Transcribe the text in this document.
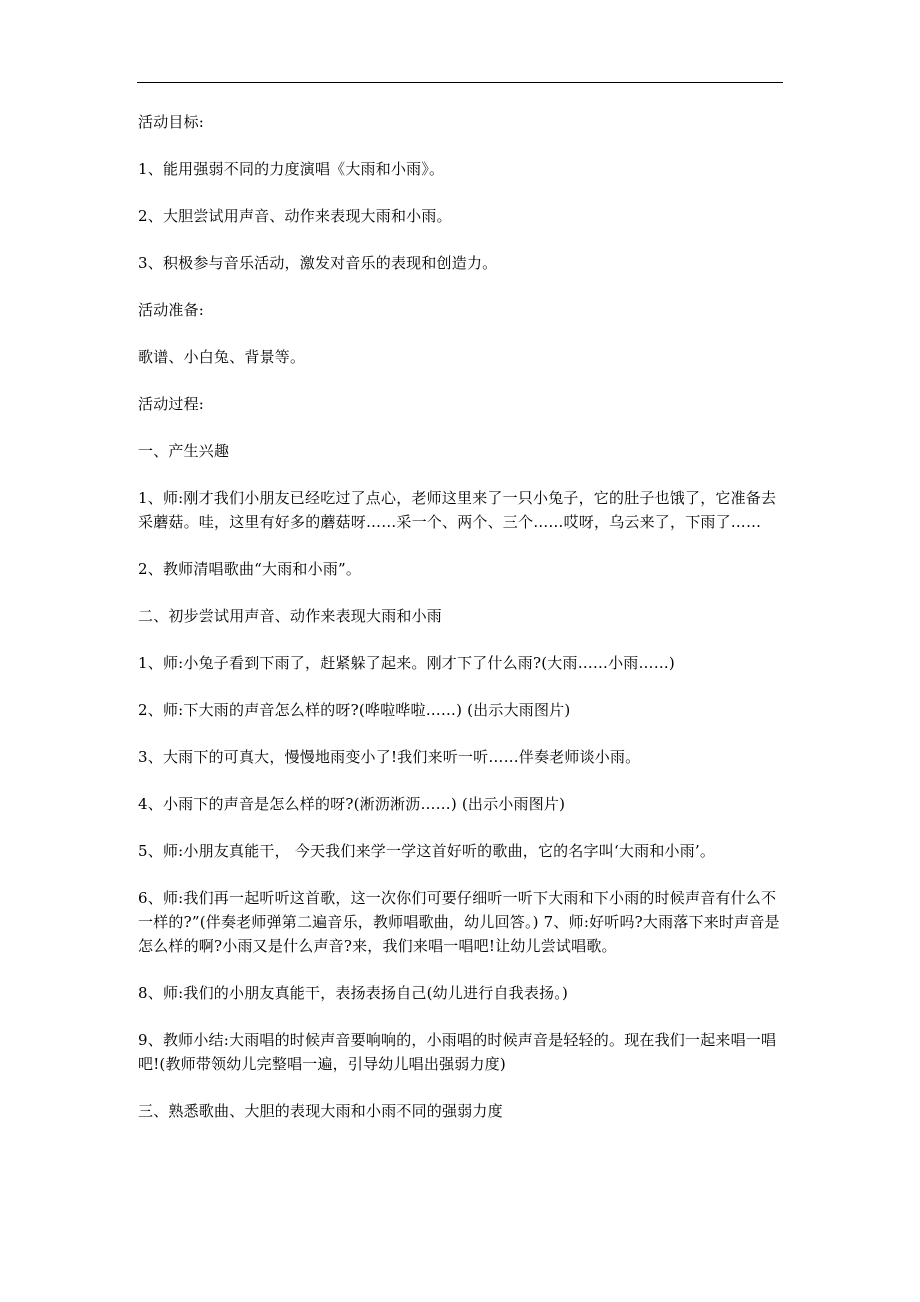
活动目标:

1、能用强弱不同的力度演唱《大雨和小雨》。

2、大胆尝试用声音、动作来表现大雨和小雨。

3、积极参与音乐活动，激发对音乐的表现和创造力。

活动准备:

歌谱、小白兔、背景等。

活动过程:

一、产生兴趣

1、师:刚才我们小朋友已经吃过了点心，老师这里来了一只小兔子，它的肚子也饿了，它准备去采蘑菇。哇，这里有好多的蘑菇呀……采一个、两个、三个……哎呀，乌云来了，下雨了……

2、教师清唱歌曲“大雨和小雨”。

二、初步尝试用声音、动作来表现大雨和小雨

1、师:小兔子看到下雨了，赶紧躲了起来。刚才下了什么雨?(大雨……小雨……)

2、师:下大雨的声音怎么样的呀?(哗啦哗啦……) (出示大雨图片)

3、大雨下的可真大，慢慢地雨变小了!我们来听一听……伴奏老师谈小雨。

4、小雨下的声音是怎么样的呀?(淅沥淅沥……) (出示小雨图片)

5、师:小朋友真能干， 今天我们来学一学这首好听的歌曲，它的名字叫‘大雨和小雨’。

6、师:我们再一起听听这首歌，这一次你们可要仔细听一听下大雨和下小雨的时候声音有什么不一样的?”(伴奏老师弹第二遍音乐，教师唱歌曲，幼儿回答。) 7、师:好听吗?大雨落下来时声音是怎么样的啊?小雨又是什么声音?来，我们来唱一唱吧!让幼儿尝试唱歌。

8、师:我们的小朋友真能干，表扬表扬自己(幼儿进行自我表扬。)

9、教师小结:大雨唱的时候声音要响响的，小雨唱的时候声音是轻轻的。现在我们一起来唱一唱吧!(教师带领幼儿完整唱一遍，引导幼儿唱出强弱力度)

三、熟悉歌曲、大胆的表现大雨和小雨不同的强弱力度
